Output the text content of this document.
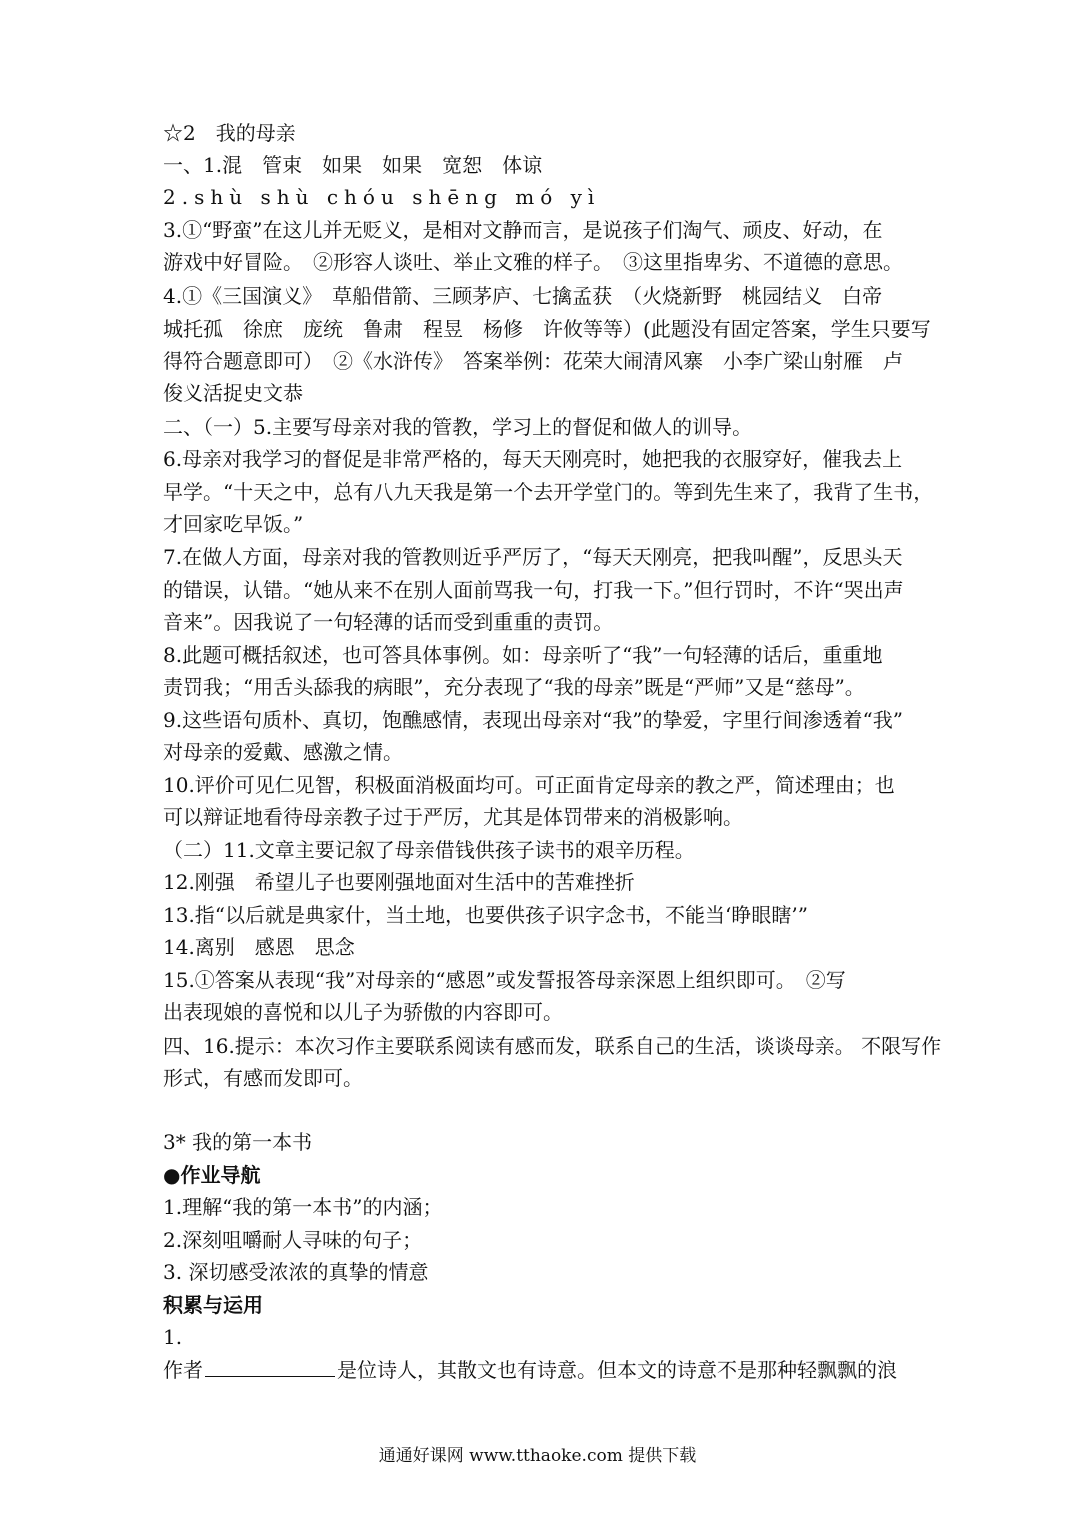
☆2　我的母亲
一、1.混　管束　如果　如果　宽恕　体谅
2.shù shù chóu shēng mó yì
3.①“野蛮”在这儿并无贬义，是相对文静而言，是说孩子们淘气、顽皮、好动，在
游戏中好冒险。　②形容人谈吐、举止文雅的样子。　③这里指卑劣、不道德的意思。
4.①《三国演义》　草船借箭、三顾茅庐、七擒孟获　（火烧新野　桃园结义　白帝
城托孤　徐庶　庞统　鲁肃　程昱　杨修　许攸等等）(此题没有固定答案，学生只要写
得符合题意即可）　②《水浒传》　答案举例：花荣大闹清风寨　小李广梁山射雁　卢
俊义活捉史文恭
二、（一）5.主要写母亲对我的管教，学习上的督促和做人的训导。
6.母亲对我学习的督促是非常严格的，每天天刚亮时，她把我的衣服穿好，催我去上
早学。“十天之中，总有八九天我是第一个去开学堂门的。等到先生来了，我背了生书，
才回家吃早饭。”
7.在做人方面，母亲对我的管教则近乎严厉了，“每天天刚亮，把我叫醒”，反思头天
的错误，认错。“她从来不在别人面前骂我一句，打我一下。”但行罚时，不许“哭出声
音来”。因我说了一句轻薄的话而受到重重的责罚。
8.此题可概括叙述，也可答具体事例。如：母亲听了“我”一句轻薄的话后，重重地
责罚我；“用舌头舔我的病眼”，充分表现了“我的母亲”既是“严师”又是“慈母”。
9.这些语句质朴、真切，饱醮感情，表现出母亲对“我”的挚爱，字里行间渗透着“我”
对母亲的爱戴、感激之情。
10.评价可见仁见智，积极面消极面均可。可正面肯定母亲的教之严，简述理由；也
可以辩证地看待母亲教子过于严厉，尤其是体罚带来的消极影响。
（二）11.文章主要记叙了母亲借钱供孩子读书的艰辛历程。
12.刚强　希望儿子也要刚强地面对生活中的苦难挫折
13.指“以后就是典家什，当土地，也要供孩子识字念书，不能当‘睁眼瞎’”
14.离别　感恩　思念
15.①答案从表现“我”对母亲的“感恩”或发誓报答母亲深恩上组织即可。　②写
出表现娘的喜悦和以儿子为骄傲的内容即可。
四、16.提示：本次习作主要联系阅读有感而发，联系自己的生活，谈谈母亲。 不限写作
形式，有感而发即可。
3* 我的第一本书
●作业导航
1.理解“我的第一本书”的内涵；
2.深刻咀嚼耐人寻味的句子；
3. 深切感受浓浓的真挚的情意
积累与运用
1.
作者	是位诗人，其散文也有诗意。但本文的诗意不是那种轻飘飘的浪
通通好课网 www.tthaoke.com 提供下载
